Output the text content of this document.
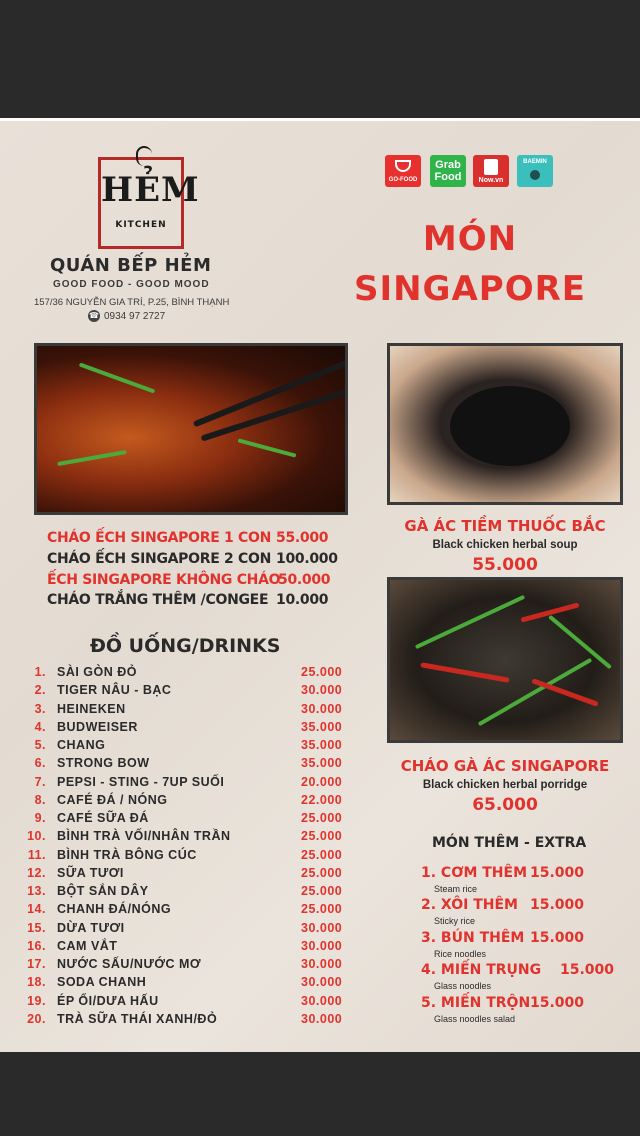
HẺM
KITCHEN
QUÁN BẾP HẺM
GOOD FOOD - GOOD MOOD
157/36 NGUYỄN GIA TRÍ, P.25, BÌNH THẠNH
☎ 0934 97 2727
GO-FOOD
Grab Food	Now.vn
BAEMIN
MÓN
SINGAPORE
CHÁO ẾCH SINGAPORE 1 CON 55.000
CHÁO ẾCH SINGAPORE 2 CON 100.000
ẾCH SINGAPORE KHÔNG CHÁO
50.000
CHÁO TRẮNG THÊM /CONGEE 10.000
ĐỒ UỐNG/DRINKS
1. SÀI GÒN ĐỎ	25.000
2. TIGER NÂU - BẠC	30.000
3. HEINEKEN	30.000
4. BUDWEISER	35.000
5. CHANG	35.000
6. STRONG BOW	35.000
7. PEPSI - STING - 7UP SUỐI	20.000
8. CAFÉ ĐÁ / NÓNG	22.000
9. CAFÉ SỮA ĐÁ	25.000
10. BÌNH TRÀ VỐI/NHÂN TRẦN	25.000
11. BÌNH TRÀ BÔNG CÚC	25.000
12. SỮA TƯƠI	25.000
13. BỘT SẮN DÂY	25.000
14. CHANH ĐÁ/NÓNG	25.000
15. DỪA TƯƠI	30.000
16. CAM VẮT	30.000
17. NƯỚC SẤU/NƯỚC MƠ	30.000
18. SODA CHANH	30.000
19. ÉP ỔI/DƯA HẤU	30.000
20. TRÀ SỮA THÁI XANH/ĐỎ	30.000
GÀ ÁC TIỀM THUỐC BẮC
Black chicken herbal soup
55.000
CHÁO GÀ ÁC SINGAPORE
Black chicken herbal porridge
65.000
MÓN THÊM - EXTRA
1. CƠM THÊM 15.000
Steam rice
2. XÔI THÊM 15.000
Sticky rice
3. BÚN THÊM 15.000
Rice noodles
4. MIẾN TRỤNG 15.000
Glass noodles
5. MIẾN TRỘN 15.000
Glass noodles salad
